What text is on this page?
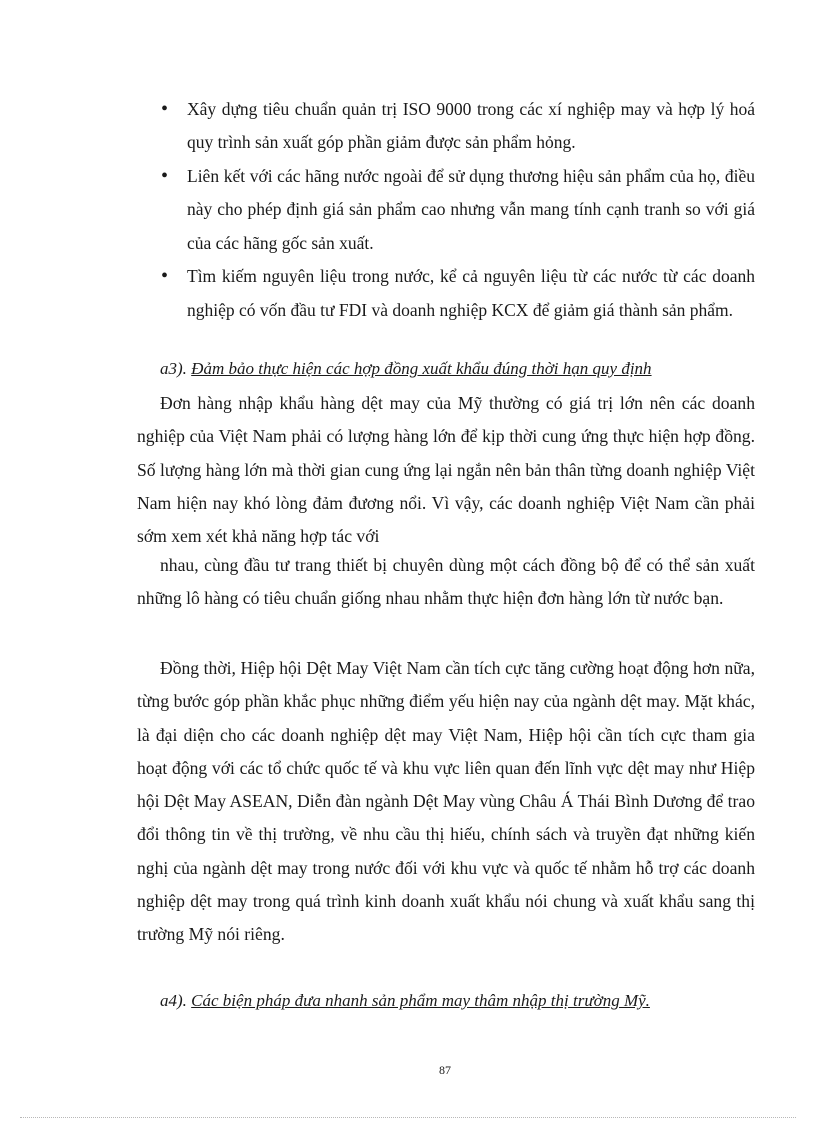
• Xây dựng tiêu chuẩn quản trị ISO 9000 trong các xí nghiệp may và hợp lý hoá quy trình sản xuất góp phần giảm được sản phẩm hỏng.
• Liên kết với các hãng nước ngoài để sử dụng thương hiệu sản phẩm của họ, điều này cho phép định giá sản phẩm cao nhưng vẫn mang tính cạnh tranh so với giá của các hãng gốc sản xuất.
• Tìm kiếm nguyên liệu trong nước, kể cả nguyên liệu từ các nước từ các doanh nghiệp có vốn đầu tư FDI và doanh nghiệp KCX để giảm giá thành sản phẩm.

a3). Đảm bảo thực hiện các hợp đồng xuất khẩu đúng thời hạn quy định

Đơn hàng nhập khẩu hàng dệt may của Mỹ thường có giá trị lớn nên các doanh nghiệp của Việt Nam phải có lượng hàng lớn để kịp thời cung ứng thực hiện hợp đồng. Số lượng hàng lớn mà thời gian cung ứng lại ngắn nên bản thân từng doanh nghiệp Việt Nam hiện nay khó lòng đảm đương nổi. Vì vậy, các doanh nghiệp Việt Nam cần phải sớm xem xét khả năng hợp tác với

nhau, cùng đầu tư trang thiết bị chuyên dùng một cách đồng bộ để có thể sản xuất những lô hàng có tiêu chuẩn giống nhau nhằm thực hiện đơn hàng lớn từ nước bạn.

Đồng thời, Hiệp hội Dệt May Việt Nam cần tích cực tăng cường hoạt động hơn nữa, từng bước góp phần khắc phục những điểm yếu hiện nay của ngành dệt may. Mặt khác, là đại diện cho các doanh nghiệp dệt may Việt Nam, Hiệp hội cần tích cực tham gia hoạt động với các tổ chức quốc tế và khu vực liên quan đến lĩnh vực dệt may như Hiệp hội Dệt May ASEAN, Diễn đàn ngành Dệt May vùng Châu Á Thái Bình Dương để trao đổi thông tin về thị trường, về nhu cầu thị hiếu, chính sách và truyền đạt những kiến nghị của ngành dệt may trong nước đối với khu vực và quốc tế nhằm hỗ trợ các doanh nghiệp dệt may trong quá trình kinh doanh xuất khẩu nói chung và xuất khẩu sang thị trường Mỹ nói riêng.

a4). Các biện pháp đưa nhanh sản phẩm may thâm nhập thị trường Mỹ.

87
